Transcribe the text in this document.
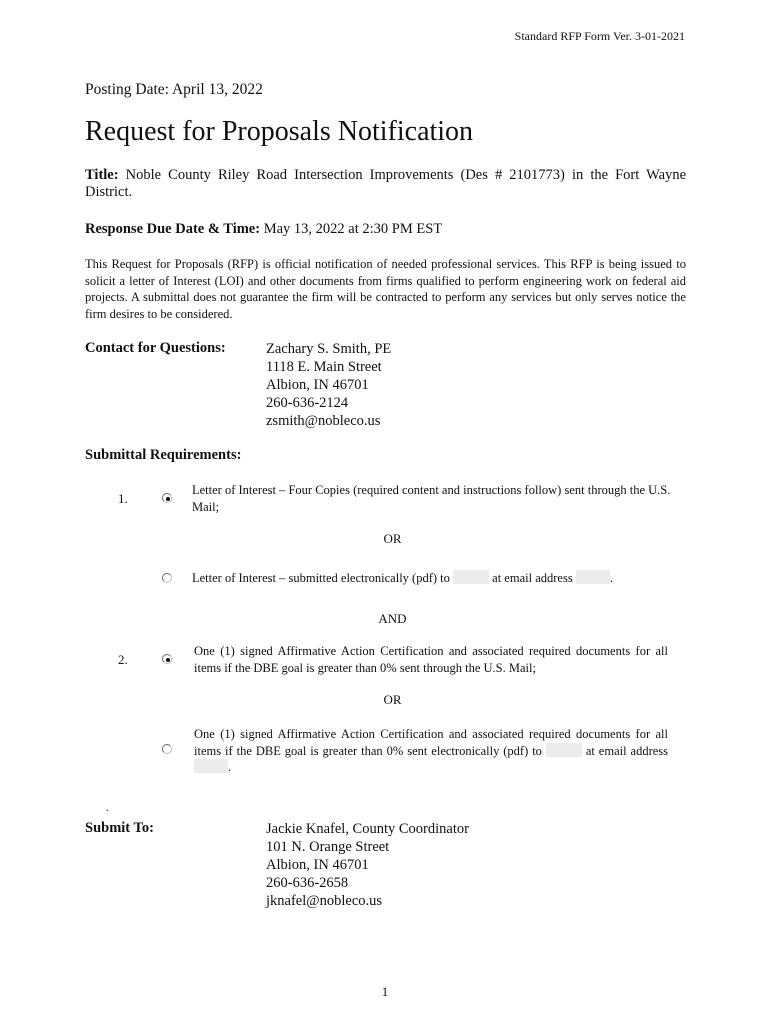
Standard RFP Form Ver. 3-01-2021
Posting Date: April 13, 2022
Request for Proposals Notification
Title: Noble County Riley Road Intersection Improvements (Des # 2101773) in the Fort Wayne District.
Response Due Date & Time: May 13, 2022 at 2:30 PM EST
This Request for Proposals (RFP) is official notification of needed professional services. This RFP is being issued to solicit a letter of Interest (LOI) and other documents from firms qualified to perform engineering work on federal aid projects. A submittal does not guarantee the firm will be contracted to perform any services but only serves notice the firm desires to be considered.
Contact for Questions:	Zachary S. Smith, PE
1118 E. Main Street
Albion, IN 46701
260-636-2124
zsmith@nobleco.us
Submittal Requirements:
1.
Letter of Interest – Four Copies (required content and instructions follow) sent through the U.S. Mail;
OR
Letter of Interest – submitted electronically (pdf) to	at email address	.
AND
2.
One (1) signed Affirmative Action Certification and associated required documents for all items if the DBE goal is greater than 0% sent through the U.S. Mail;
OR
One (1) signed Affirmative Action Certification and associated required documents for all items if the DBE goal is greater than 0% sent electronically (pdf) to	at email address .
.
Submit To:	Jackie Knafel, County Coordinator
101 N. Orange Street
Albion, IN 46701
260-636-2658
jknafel@nobleco.us
1
